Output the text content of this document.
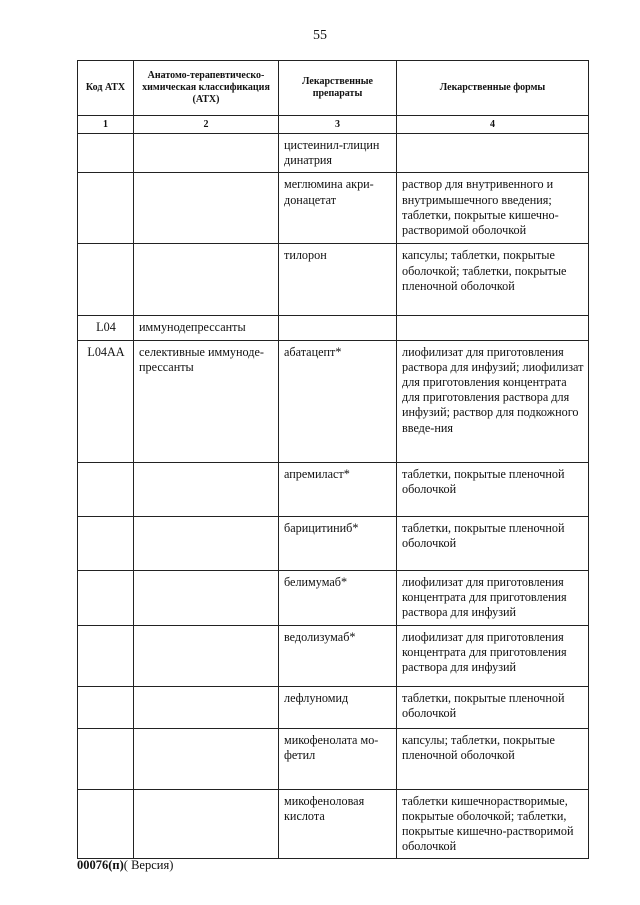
55
Код АТХ	Анатомо-терапевтическо-химическая классификация (АТХ)	Лекарственные препараты	Лекарственные формы
1	2	3	4
		цистеинил-глицин динатрия	
		меглюмина акри-донацетат	раствор для внутривенного и внутримышечного введения; таблетки, покрытые кишечно-растворимой оболочкой
		тилорон	капсулы; таблетки, покрытые оболочкой; таблетки, покрытые пленочной оболочкой
L04	иммунодепрессанты		
L04AA	селективные иммуноде-прессанты	абатацепт*	лиофилизат для приготовления раствора для инфузий; лиофилизат для приготовления концентрата для приготовления раствора для инфузий; раствор для подкожного введе-ния
		апремиласт*	таблетки, покрытые пленочной оболочкой
		барицитиниб*	таблетки, покрытые пленочной оболочкой
		белимумаб*	лиофилизат для приготовления концентрата для приготовления раствора для инфузий
		ведолизумаб*	лиофилизат для приготовления концентрата для приготовления раствора для инфузий
		лефлуномид	таблетки, покрытые пленочной оболочкой
		микофенолата мо-фетил	капсулы; таблетки, покрытые пленочной оболочкой
		микофеноловая кислота	таблетки кишечнорастворимые, покрытые оболочкой; таблетки, покрытые кишечно-растворимой оболочкой
00076(п)( Версия)
